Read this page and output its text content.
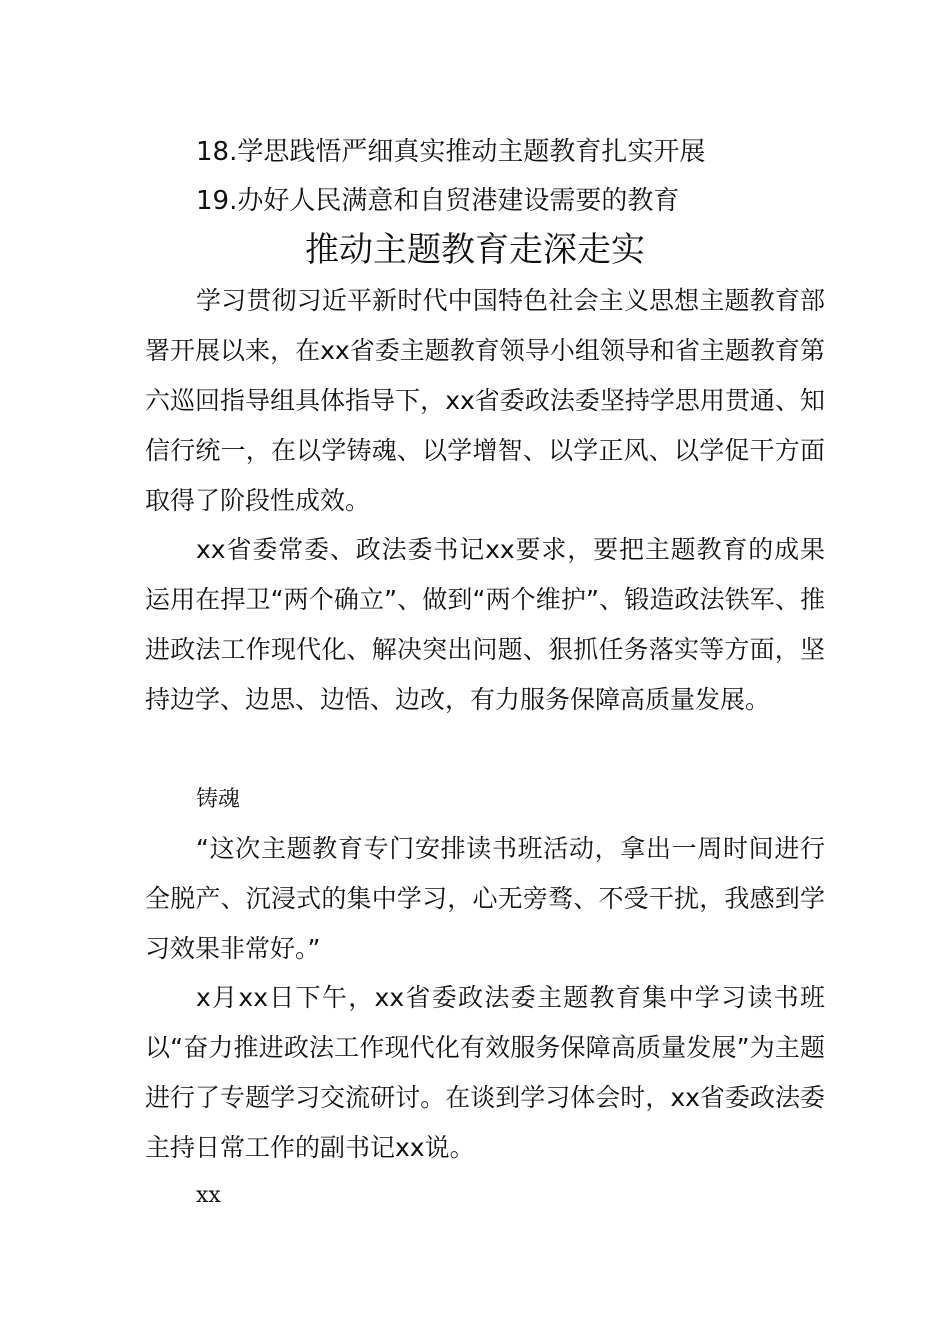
18.学思践悟严细真实推动主题教育扎实开展
19.办好人民满意和自贸港建设需要的教育
推动主题教育走深走实

学习贯彻习近平新时代中国特色社会主义思想主题教育部署开展以来，在xx省委主题教育领导小组领导和省主题教育第六巡回指导组具体指导下，xx省委政法委坚持学思用贯通、知信行统一，在以学铸魂、以学增智、以学正风、以学促干方面取得了阶段性成效。

xx省委常委、政法委书记xx要求，要把主题教育的成果运用在捍卫“两个确立”、做到“两个维护”、锻造政法铁军、推进政法工作现代化、解决突出问题、狠抓任务落实等方面，坚持边学、边思、边悟、边改，有力服务保障高质量发展。

铸魂

“这次主题教育专门安排读书班活动，拿出一周时间进行全脱产、沉浸式的集中学习，心无旁骛、不受干扰，我感到学习效果非常好。”

x月xx日下午，xx省委政法委主题教育集中学习读书班以“奋力推进政法工作现代化有效服务保障高质量发展”为主题进行了专题学习交流研讨。在谈到学习体会时，xx省委政法委主持日常工作的副书记xx说。

xx
